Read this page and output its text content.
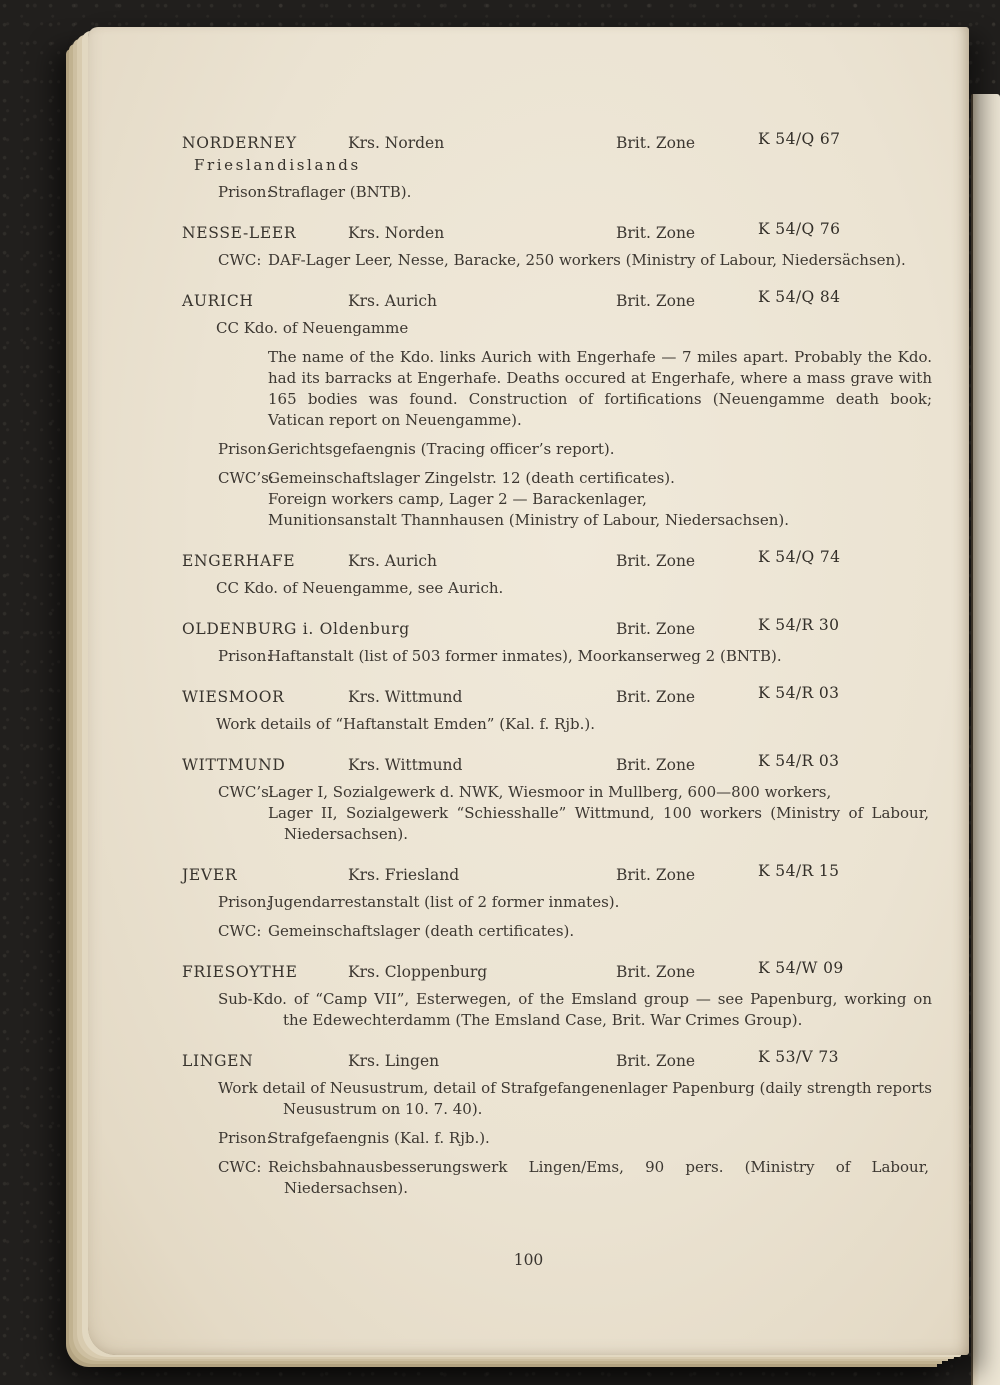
NORDERNEY	Krs. Norden	Brit. Zone	K 54/Q 67
Frieslandislands
Prison:
Straflager (BNTB).
NESSE-LEER	Krs. Norden	Brit. Zone	K 54/Q 76
CWC: DAF-Lager Leer, Nesse, Baracke, 250 workers (Ministry of Labour, Niedersächsen).
AURICH	Krs. Aurich	Brit. Zone	K 54/Q 84
CC Kdo. of Neuengamme
The name of the Kdo. links Aurich with Engerhafe — 7 miles apart. Probably the Kdo. had its barracks at Engerhafe. Deaths occured at Engerhafe, where a mass grave with 165 bodies was found. Construction of fortifications (Neuengamme death book; Vatican report on Neuengamme).
Prison:
Gerichtsgefaengnis (Tracing officer’s report).
CWC’s:
Gemeinschaftslager Zingelstr. 12 (death certificates).
Foreign workers camp, Lager 2 — Barackenlager,
Munitionsanstalt Thannhausen (Ministry of Labour, Niedersachsen).
ENGERHAFE	Krs. Aurich	Brit. Zone	K 54/Q 74
CC Kdo. of Neuengamme, see Aurich.
OLDENBURG i. Oldenburg	Brit. Zone	K 54/R 30
Prison:
Haftanstalt (list of 503 former inmates), Moorkanserweg 2 (BNTB).
WIESMOOR	Krs. Wittmund	Brit. Zone	K 54/R 03
Work details of “Haftanstalt Emden” (Kal. f. Rjb.).
WITTMUND	Krs. Wittmund	Brit. Zone	K 54/R 03
CWC’s:
Lager I, Sozialgewerk d. NWK, Wiesmoor in Mullberg, 600—800 workers,
Lager II, Sozialgewerk “Schiesshalle” Wittmund, 100 workers (Ministry of Labour, Niedersachsen).
JEVER	Krs. Friesland	Brit. Zone	K 54/R 15
Prison:
Jugendarrestanstalt (list of 2 former inmates).
CWC: Gemeinschaftslager (death certificates).
FRIESOYTHE	Krs. Cloppenburg	Brit. Zone	K 54/W 09
Sub-Kdo. of “Camp VII”, Esterwegen, of the Emsland group — see Papenburg, working on the Edewechterdamm (The Emsland Case, Brit. War Crimes Group).
LINGEN	Krs. Lingen	Brit. Zone	K 53/V 73
Work detail of Neusustrum, detail of Strafgefangenenlager Papenburg (daily strength reports Neusustrum on 10. 7. 40).
Prison:
Strafgefaengnis (Kal. f. Rjb.).
CWC: Reichsbahnausbesserungswerk Lingen/Ems, 90 pers. (Ministry of Labour, Niedersachsen).
100
